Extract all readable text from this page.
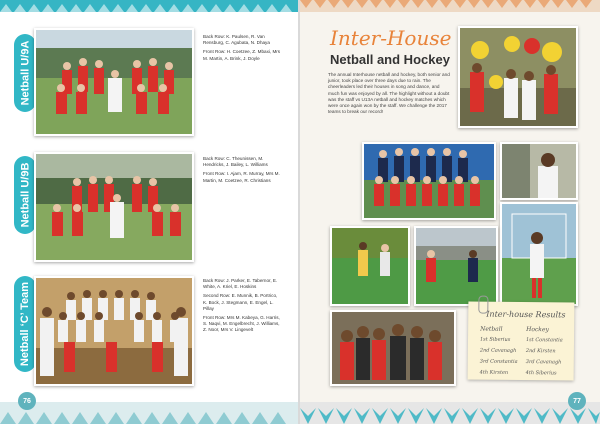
Netball U/9A

Back Row: K. Paulsen, R. Van Rensburg, C. Agubata, N. Dhaya

Front Row: H. Coetzee, Z. Mbaxi, Mrs M. Martin, A. Brink, J. Doyle

Netball U/9B

Back Row: C. Theunissen, M. Hendricks, J. Bailey, L. Williams

Front Row: I. Ajam, R. Murray, Mrs M. Martin, M. Coetzee, R. Christians

Netball ‘C’ Team

Back Row: J. Parker, E. Tabernor, E. White, A. Kriel, E. Hoskins

Second Row: E. Munnik, B. Portrico, K. Bock, J. Stegmann, E. Engel, L. Pillay

Front Row: Mrs M. Kabeya, G. Harris, S. Naqvi, M. Engelbrecht, J. Williams, Z. Noor, Mrs V. Lingevelt

76	77
Inter-House
Netball and Hockey
The annual Interhouse netball and hockey, both senior and junior, took place over three days due to rain. The cheerleaders led their houses in song and dance, and much fun was enjoyed by all. The highlight without a doubt was the staff vs U13A netball and hockey matches which were once again won by the staff. We challenge the 2017 teams to break our record!
Inter-house Results
Netball
1st Siberius
2nd Cavanagh
3rd Constantia
4th Kirsten
Hockey
1st Constantia
2nd Kirsten
3rd Cavanagh
4th Siberius
